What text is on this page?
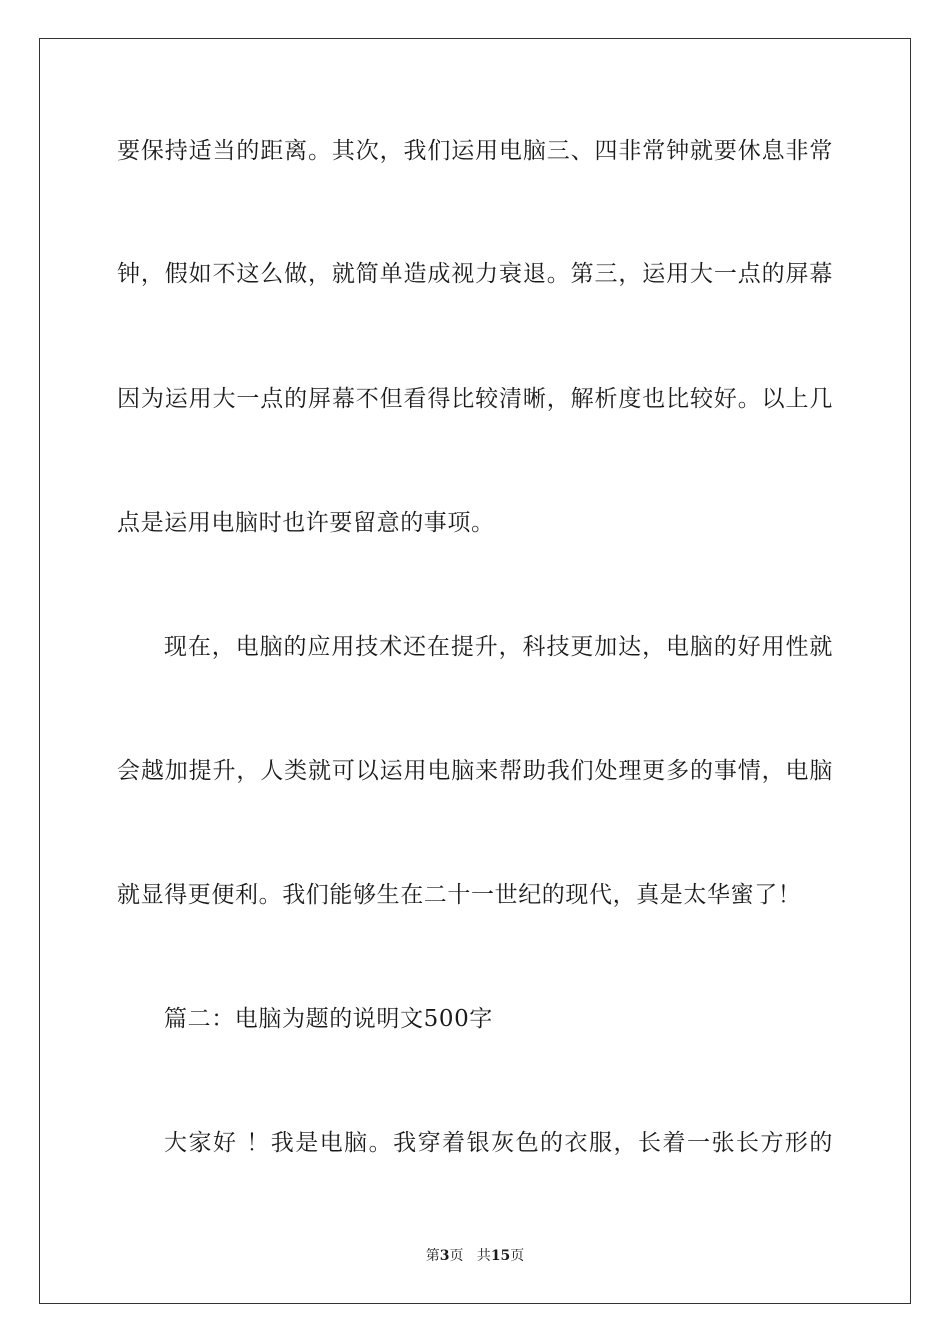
要保持适当的距离。其次，我们运用电脑三、四非常钟就要休息非常
钟，假如不这么做，就简单造成视力衰退。第三，运用大一点的屏幕
因为运用大一点的屏幕不但看得比较清晰，解析度也比较好。以上几
点是运用电脑时也许要留意的事项。
现在，电脑的应用技术还在提升，科技更加达，电脑的好用性就
会越加提升，人类就可以运用电脑来帮助我们处理更多的事情，电脑
就显得更便利。我们能够生在二十一世纪的现代，真是太华蜜了！
篇二：电脑为题的说明文500字
大家好 ！我是电脑。我穿着银灰色的衣服，长着一张长方形的
第3页 共15页
